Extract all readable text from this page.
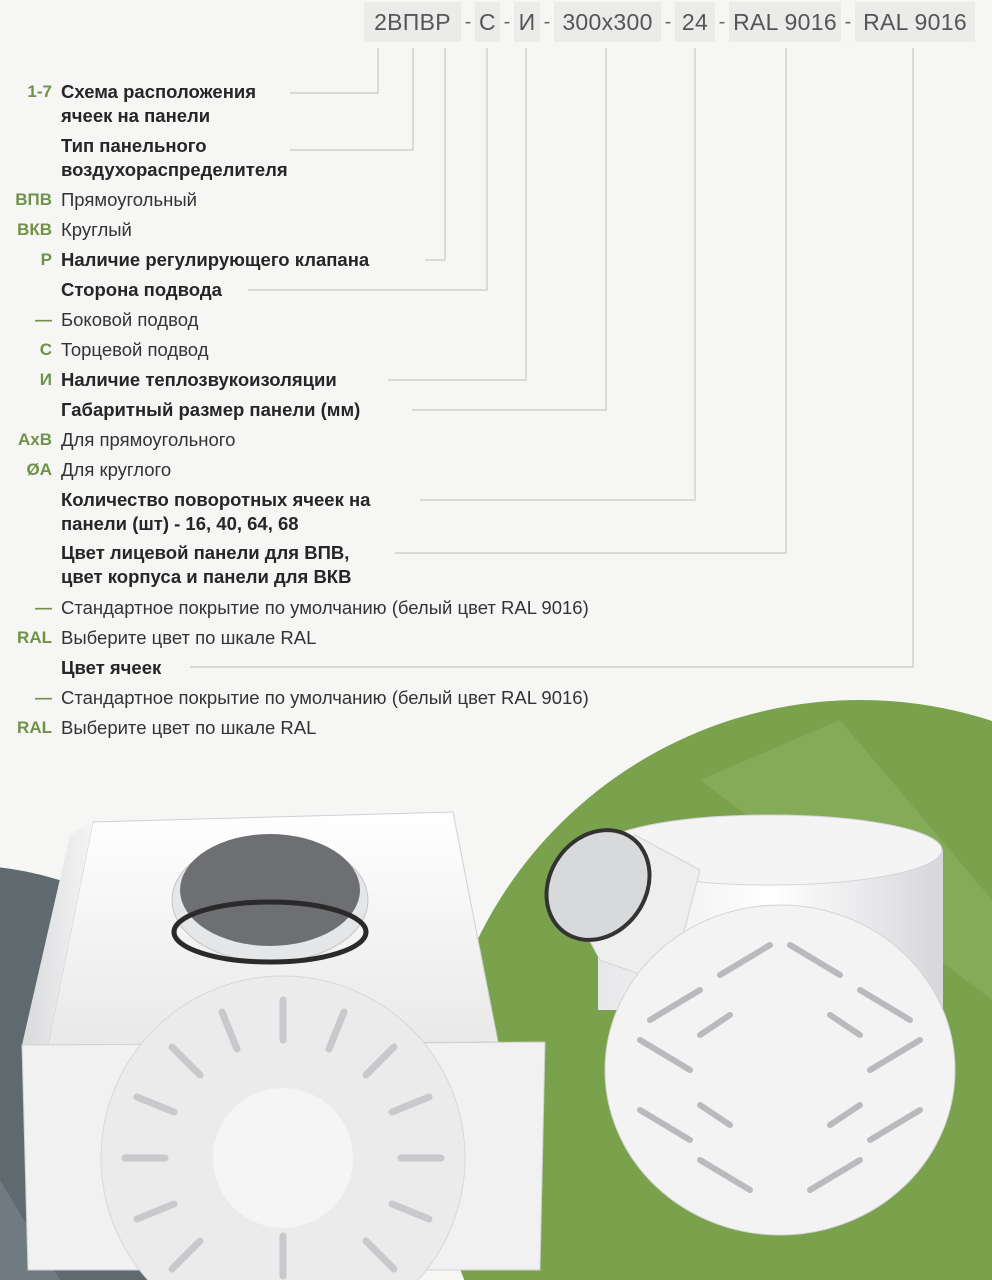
2ВПВР - С - И - 300x300 - 24 - RAL 9016 - RAL 9016
1-7 Схема расположения
ячеек на панели
Тип панельного
воздухораспределителя
ВПВ Прямоугольный
ВКВ Круглый
Р Наличие регулирующего клапана
Сторона подвода
— Боковой подвод
С Торцевой подвод
И Наличие теплозвукоизоляции
Габаритный размер панели (мм)
AxB Для прямоугольного
ØA Для круглого
Количество поворотных ячеек на
панели (шт) - 16, 40, 64, 68
Цвет лицевой панели для ВПВ,
цвет корпуса и панели для ВКВ
— Стандартное покрытие по умолчанию (белый цвет RAL 9016)
RAL Выберите цвет по шкале RAL
Цвет ячеек
— Стандартное покрытие по умолчанию (белый цвет RAL 9016)
RAL Выберите цвет по шкале RAL
